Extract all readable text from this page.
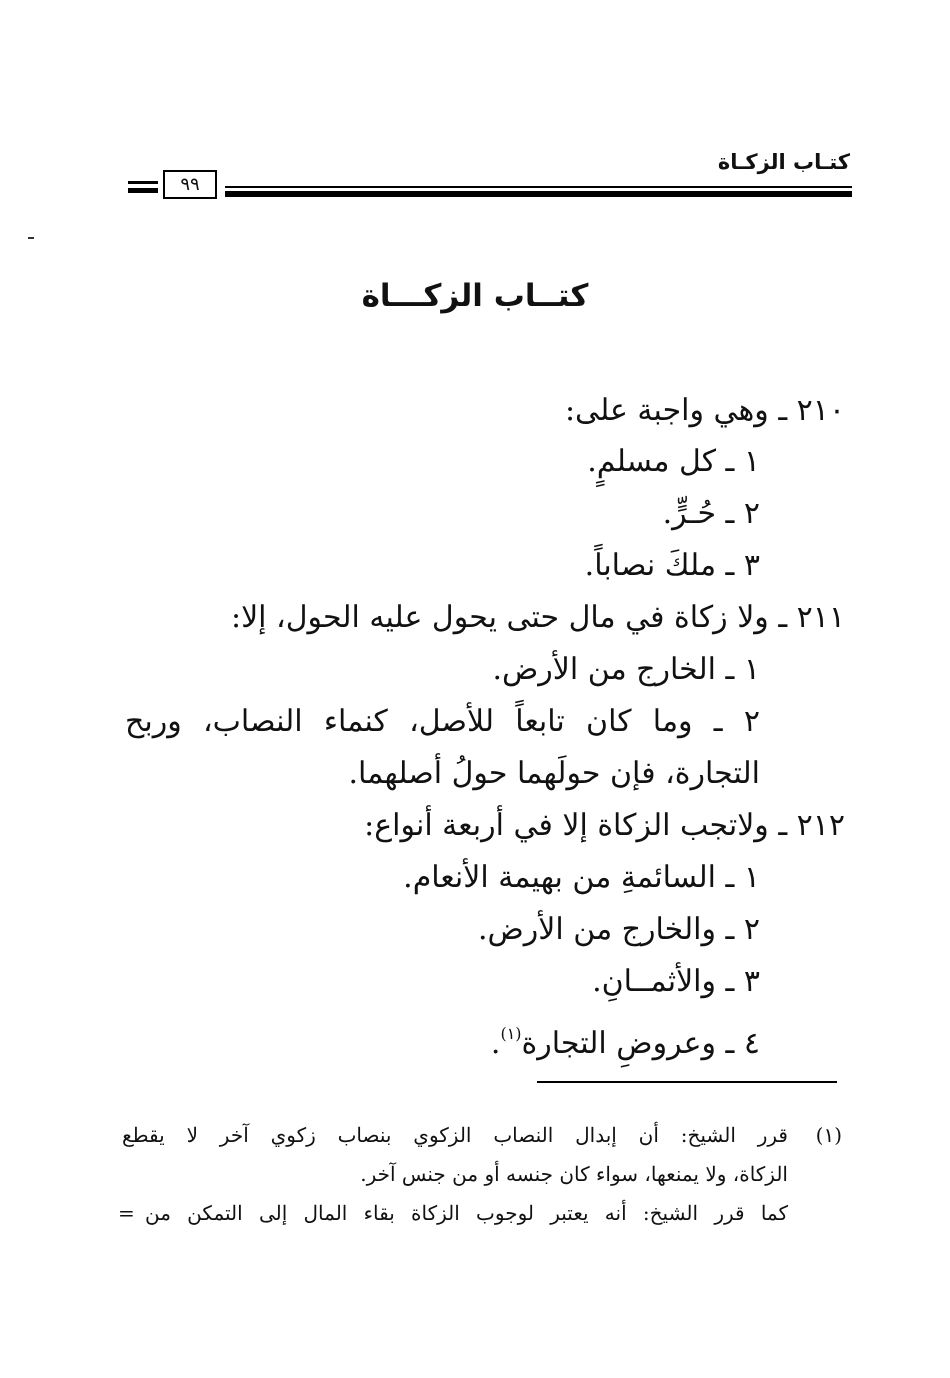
كتـاب الزكـاة
٩٩
كتــاب الزكـــاة
٢١٠ ـ وهي واجبة على:
١ ـ كل مسلمٍ.
٢ ـ حُـرٍّ.
٣ ـ ملكَ نصاباً.
٢١١ ـ ولا زكاة في مال حتى يحول عليه الحول، إلا:
١ ـ الخارج من الأرض.
٢ ـ وما كان تابعاً للأصل، كنماء النصاب، وربح
التجارة، فإن حولَهما حولُ أصلهما.
٢١٢ ـ ولاتجب الزكاة إلا في أربعة أنواع:
١ ـ السائمةِ من بهيمة الأنعام.
٢ ـ والخارج من الأرض.
٣ ـ والأثمــانِ.
٤ ـ وعروضِ التجارة$^{(١)}$.
(١)
قرر الشيخ: أن إبدال النصاب الزكوي بنصاب زكوي آخر لا يقطع
الزكاة، ولا يمنعها، سواء كان جنسه أو من جنس آخر.
كما قرر الشيخ: أنه يعتبر لوجوب الزكاة بقاء المال إلى التمكن من
=
